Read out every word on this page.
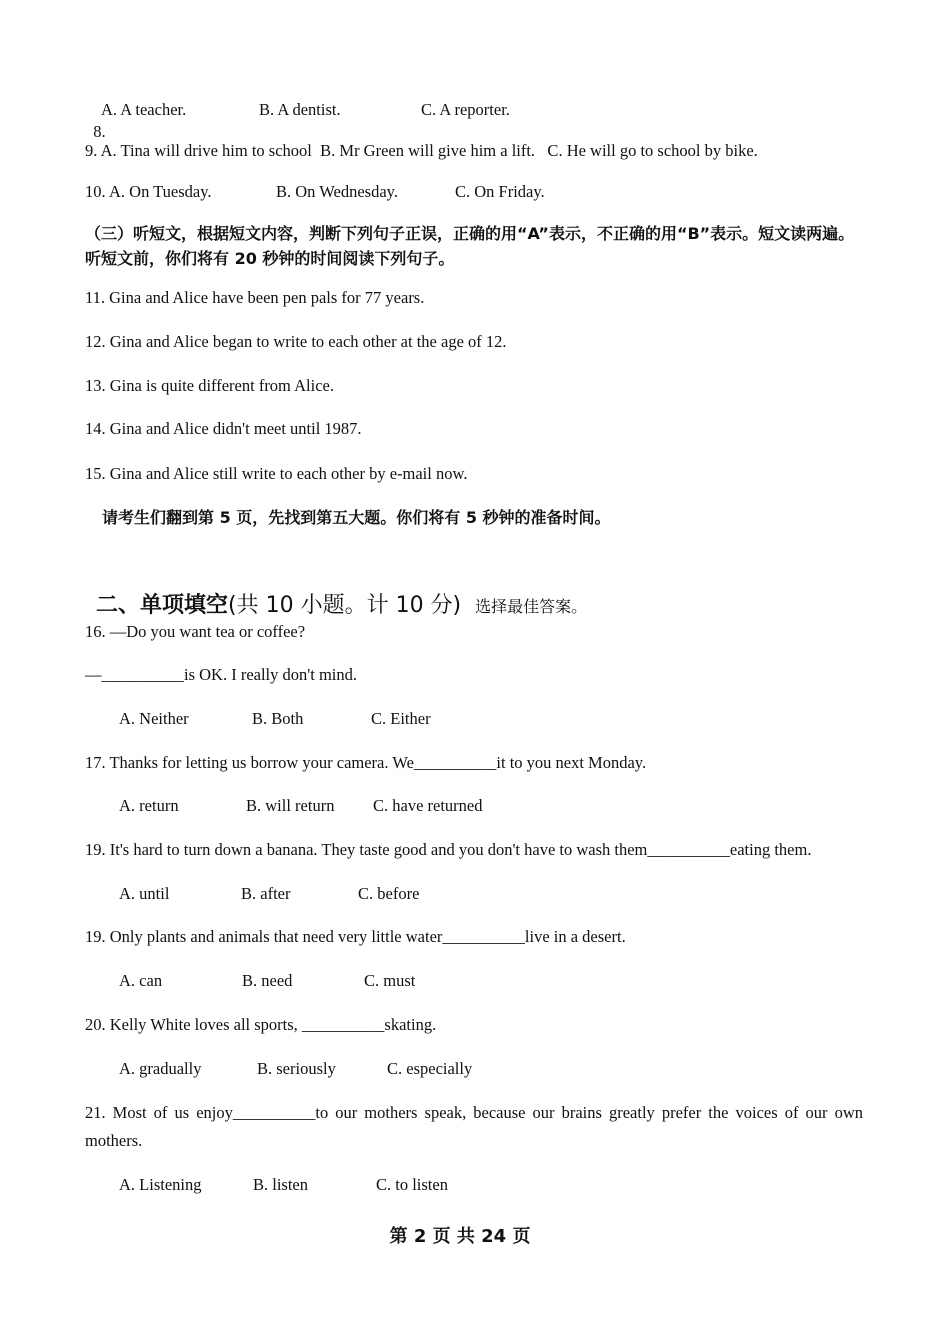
8.

A. A teacher.	B. A dentist.	C. A reporter.
9. A. Tina will drive him to school  B. Mr Green will give him a lift.   C. He will go to school by bike.
10. A. On Tuesday.	B. On Wednesday.	C. On Friday.
（三）听短文，根据短文内容，判断下列句子正误，正确的用“A”表示，不正确的用“B”表示。短文读两遍。听短文前，你们将有 20 秒钟的时间阅读下列句子。
11. Gina and Alice have been pen pals for 77 years.
12. Gina and Alice began to write to each other at the age of 12.
13. Gina is quite different from Alice.
14. Gina and Alice didn't meet until 1987.
15. Gina and Alice still write to each other by e-mail now.
请考生们翻到第 5 页，先找到第五大题。你们将有 5 秒钟的准备时间。

二、单项填空(共 10 小题。计 10 分) 选择最佳答案。

16. —Do you want tea or coffee?
—__________is OK. I really don't mind.
A. Neither	B. Both	C. Either
17. Thanks for letting us borrow your camera. We__________it to you next Monday.
A. return	B. will return C. have returned
19. It's hard to turn down a banana. They taste good and you don't have to wash them__________eating them.
A. until	B. after	C. before
19. Only plants and animals that need very little water__________live in a desert.
A. can	B. need	C. must
20. Kelly White loves all sports, __________skating.
A. gradually	B. seriously	C. especially
21. Most of us enjoy__________to our mothers speak, because our brains greatly prefer the voices of our own mothers.
A. Listening	B. listen	C. to listen
第 2 页 共 24 页
